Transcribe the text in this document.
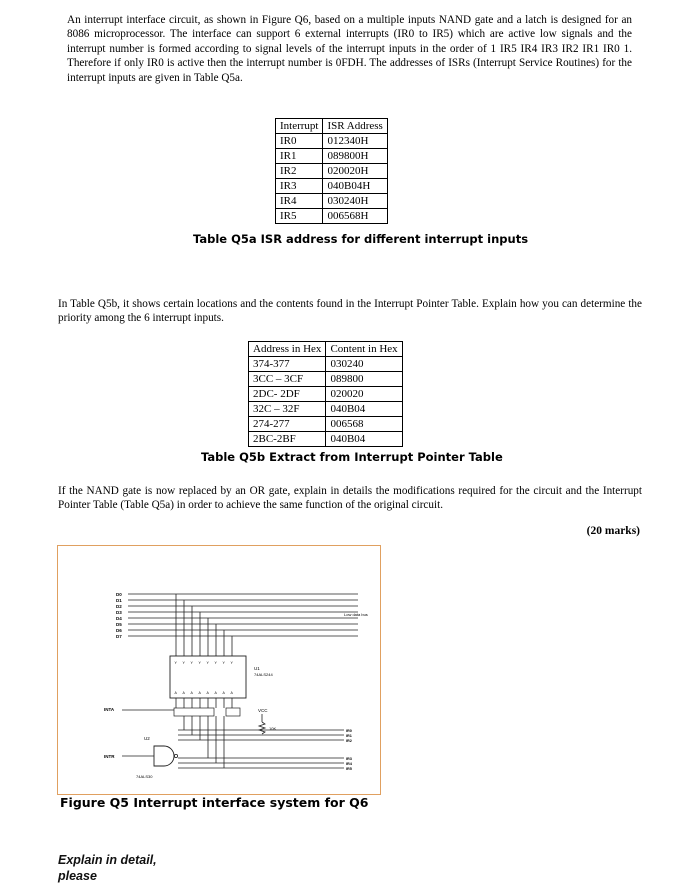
An interrupt interface circuit, as shown in Figure Q6, based on a multiple inputs NAND gate and a latch is designed for an 8086 microprocessor. The interface can support 6 external interrupts (IR0 to IR5) which are active low signals and the interrupt number is formed according to signal levels of the interrupt inputs in the order of 1 IR5 IR4 IR3 IR2 IR1 IR0 1. Therefore if only IR0 is active then the interrupt number is 0FDH. The addresses of ISRs (Interrupt Service Routines) for the interrupt inputs are given in Table Q5a.
Interrupt	ISR Address
IR0	012340H
IR1	089800H
IR2	020020H
IR3	040B04H
IR4	030240H
IR5	006568H
Table Q5a ISR address for different interrupt inputs
In Table Q5b, it shows certain locations and the contents found in the Interrupt Pointer Table. Explain how you can determine the priority among the 6 interrupt inputs.
Address in Hex	Content in Hex
374-377	030240
3CC – 3CF	089800
2DC- 2DF	020020
32C – 32F	040B04
274-277	006568
2BC-2BF	040B04
Table Q5b Extract from Interrupt Pointer Table
If the NAND gate is now replaced by an OR gate, explain in details the modifications required for the circuit and the Interrupt Pointer Table (Table Q5a) in order to achieve the same function of the original circuit.
(20 marks)
D0
D1
D2
D3
D4
D5
D6
D7
Low data bus
Y
A
Y
A
Y
A
Y
A
Y
A
Y
A
Y
A
Y
A
U1
74ALS244
VCC
10K
INTA
U2
INTR
74ALS30
IR0
IR1
IR2
IR3
IR4
IR5
Figure Q5 Interrupt interface system for Q6
Explain in detail,
please
